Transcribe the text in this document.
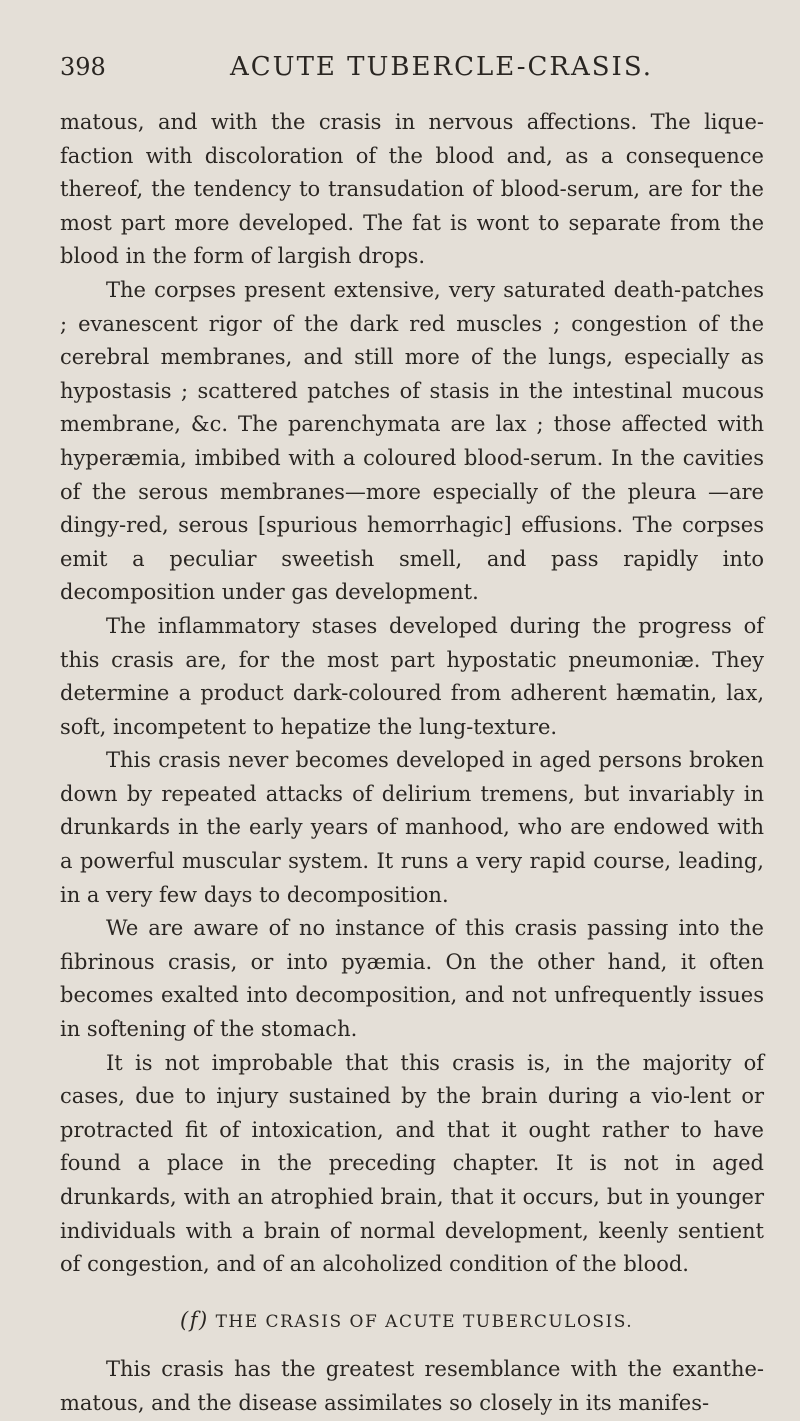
398	ACUTE TUBERCLE-CRASIS.

matous, and with the crasis in nervous affections. The lique-faction with discoloration of the blood and, as a consequence thereof, the tendency to transudation of blood-serum, are for the most part more developed. The fat is wont to separate from the blood in the form of largish drops.

The corpses present extensive, very saturated death-patches ; evanescent rigor of the dark red muscles ; congestion of the cerebral membranes, and still more of the lungs, especially as hypostasis ; scattered patches of stasis in the intestinal mucous membrane, &c. The parenchymata are lax ; those affected with hyperæmia, imbibed with a coloured blood-serum. In the cavities of the serous membranes—more especially of the pleura —are dingy-red, serous [spurious hemorrhagic] effusions. The corpses emit a peculiar sweetish smell, and pass rapidly into decomposition under gas development.

The inflammatory stases developed during the progress of this crasis are, for the most part hypostatic pneumoniæ. They determine a product dark-coloured from adherent hæmatin, lax, soft, incompetent to hepatize the lung-texture.

This crasis never becomes developed in aged persons broken down by repeated attacks of delirium tremens, but invariably in drunkards in the early years of manhood, who are endowed with a powerful muscular system. It runs a very rapid course, leading, in a very few days to decomposition.

We are aware of no instance of this crasis passing into the fibrinous crasis, or into pyæmia. On the other hand, it often becomes exalted into decomposition, and not unfrequently issues in softening of the stomach.

It is not improbable that this crasis is, in the majority of cases, due to injury sustained by the brain during a vio-lent or protracted fit of intoxication, and that it ought rather to have found a place in the preceding chapter. It is not in aged drunkards, with an atrophied brain, that it occurs, but in younger individuals with a brain of normal development, keenly sentient of congestion, and of an alcoholized condition of the blood.

(f) THE CRASIS OF ACUTE TUBERCULOSIS.

This crasis has the greatest resemblance with the exanthe-matous, and the disease assimilates so closely in its manifes-
